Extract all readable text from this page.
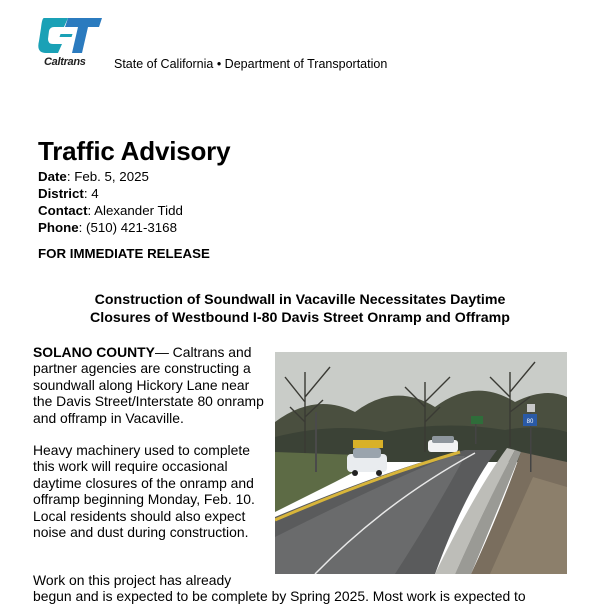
Caltrans State of California • Department of Transportation
Traffic Advisory
Date: Feb. 5, 2025
District: 4
Contact: Alexander Tidd
Phone: (510) 421-3168
FOR IMMEDIATE RELEASE
Construction of Soundwall in Vacaville Necessitates Daytime
Closures of Westbound I-80 Davis Street Onramp and Offramp

SOLANO COUNTY— Caltrans and partner agencies are constructing a soundwall along Hickory Lane near the Davis Street/Interstate 80 onramp and offramp in Vacaville.

Heavy machinery used to complete this work will require occasional daytime closures of the onramp and offramp beginning Monday, Feb. 10. Local residents should also expect noise and dust during construction.

80
Work on this project has already
begun and is expected to be complete by Spring 2025. Most work is expected to
